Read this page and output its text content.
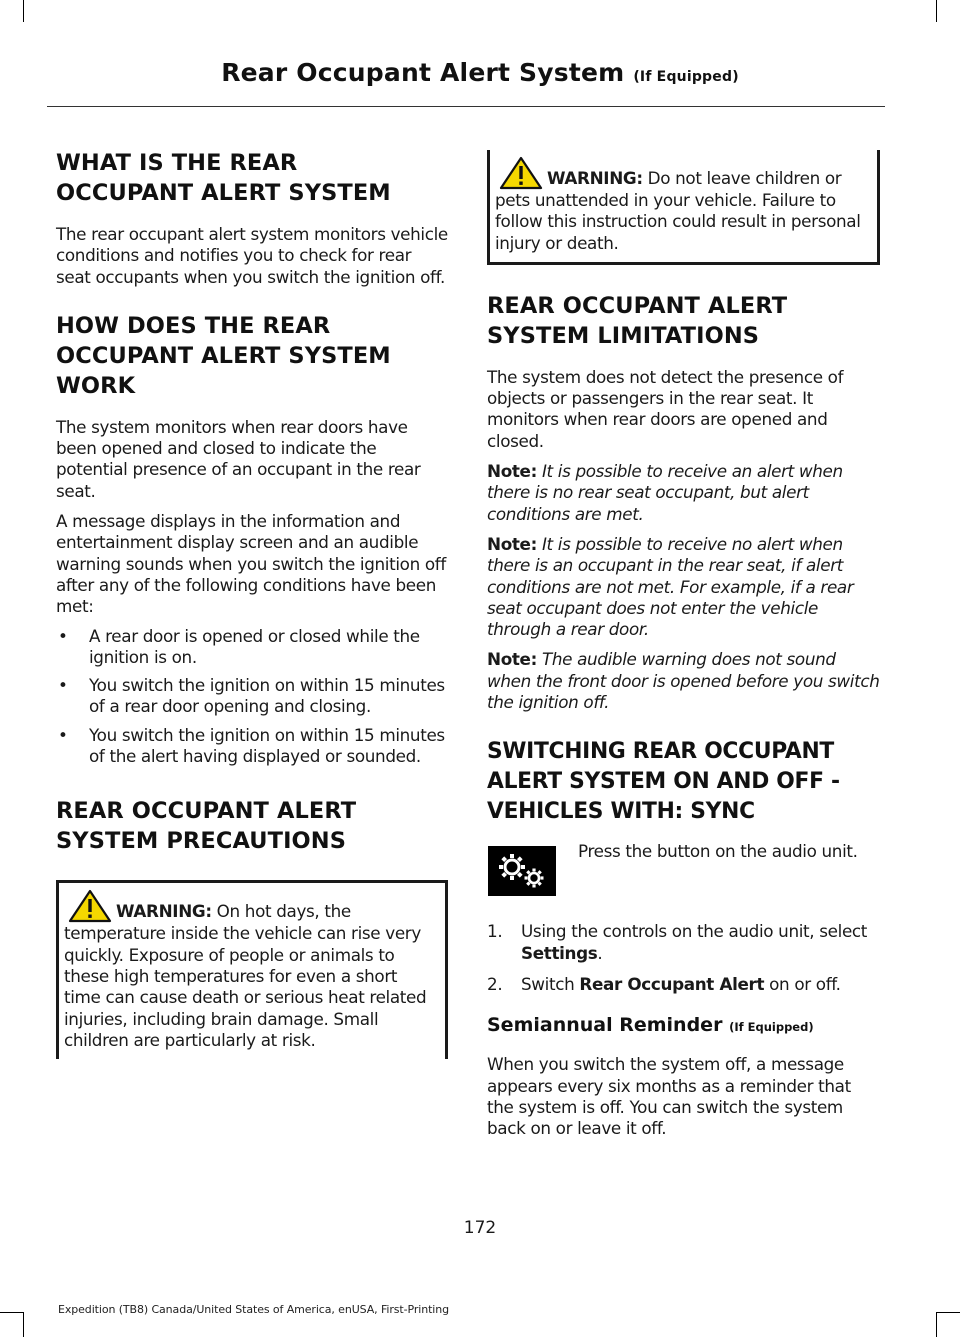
Rear Occupant Alert System (If Equipped)
WHAT IS THE REAR
OCCUPANT ALERT SYSTEM

The rear occupant alert system monitors vehicle conditions and notifies you to check for rear seat occupants when you switch the ignition off.

HOW DOES THE REAR
OCCUPANT ALERT SYSTEM
WORK

The system monitors when rear doors have been opened and closed to indicate the potential presence of an occupant in the rear seat.

A message displays in the information and entertainment display screen and an audible warning sounds when you switch the ignition off after any of the following conditions have been met:

• A rear door is opened or closed while the ignition is on.
• You switch the ignition on within 15 minutes of a rear door opening and closing.
• You switch the ignition on within 15 minutes of the alert having displayed or sounded.
REAR OCCUPANT ALERT
SYSTEM PRECAUTIONS

WARNING: On hot days, the temperature inside the vehicle can rise very quickly. Exposure of people or animals to these high temperatures for even a short time can cause death or serious heat related injuries, including brain damage. Small children are particularly at risk.

WARNING: Do not leave children or pets unattended in your vehicle. Failure to follow this instruction could result in personal injury or death.

REAR OCCUPANT ALERT
SYSTEM LIMITATIONS

The system does not detect the presence of objects or passengers in the rear seat. It monitors when rear doors are opened and closed.

Note: It is possible to receive an alert when there is no rear seat occupant, but alert conditions are met.

Note: It is possible to receive no alert when there is an occupant in the rear seat, if alert conditions are not met. For example, if a rear seat occupant does not enter the vehicle through a rear door.

Note: The audible warning does not sound when the front door is opened before you switch the ignition off.

SWITCHING REAR OCCUPANT
ALERT SYSTEM ON AND OFF -
VEHICLES WITH: SYNC

Press the button on the audio unit.

1. Using the controls on the audio unit, select Settings.
2. Switch Rear Occupant Alert on or off.
Semiannual Reminder (If Equipped)

When you switch the system off, a message appears every six months as a reminder that the system is off. You can switch the system back on or leave it off.

172
Expedition (TB8) Canada/United States of America, enUSA, First-Printing
